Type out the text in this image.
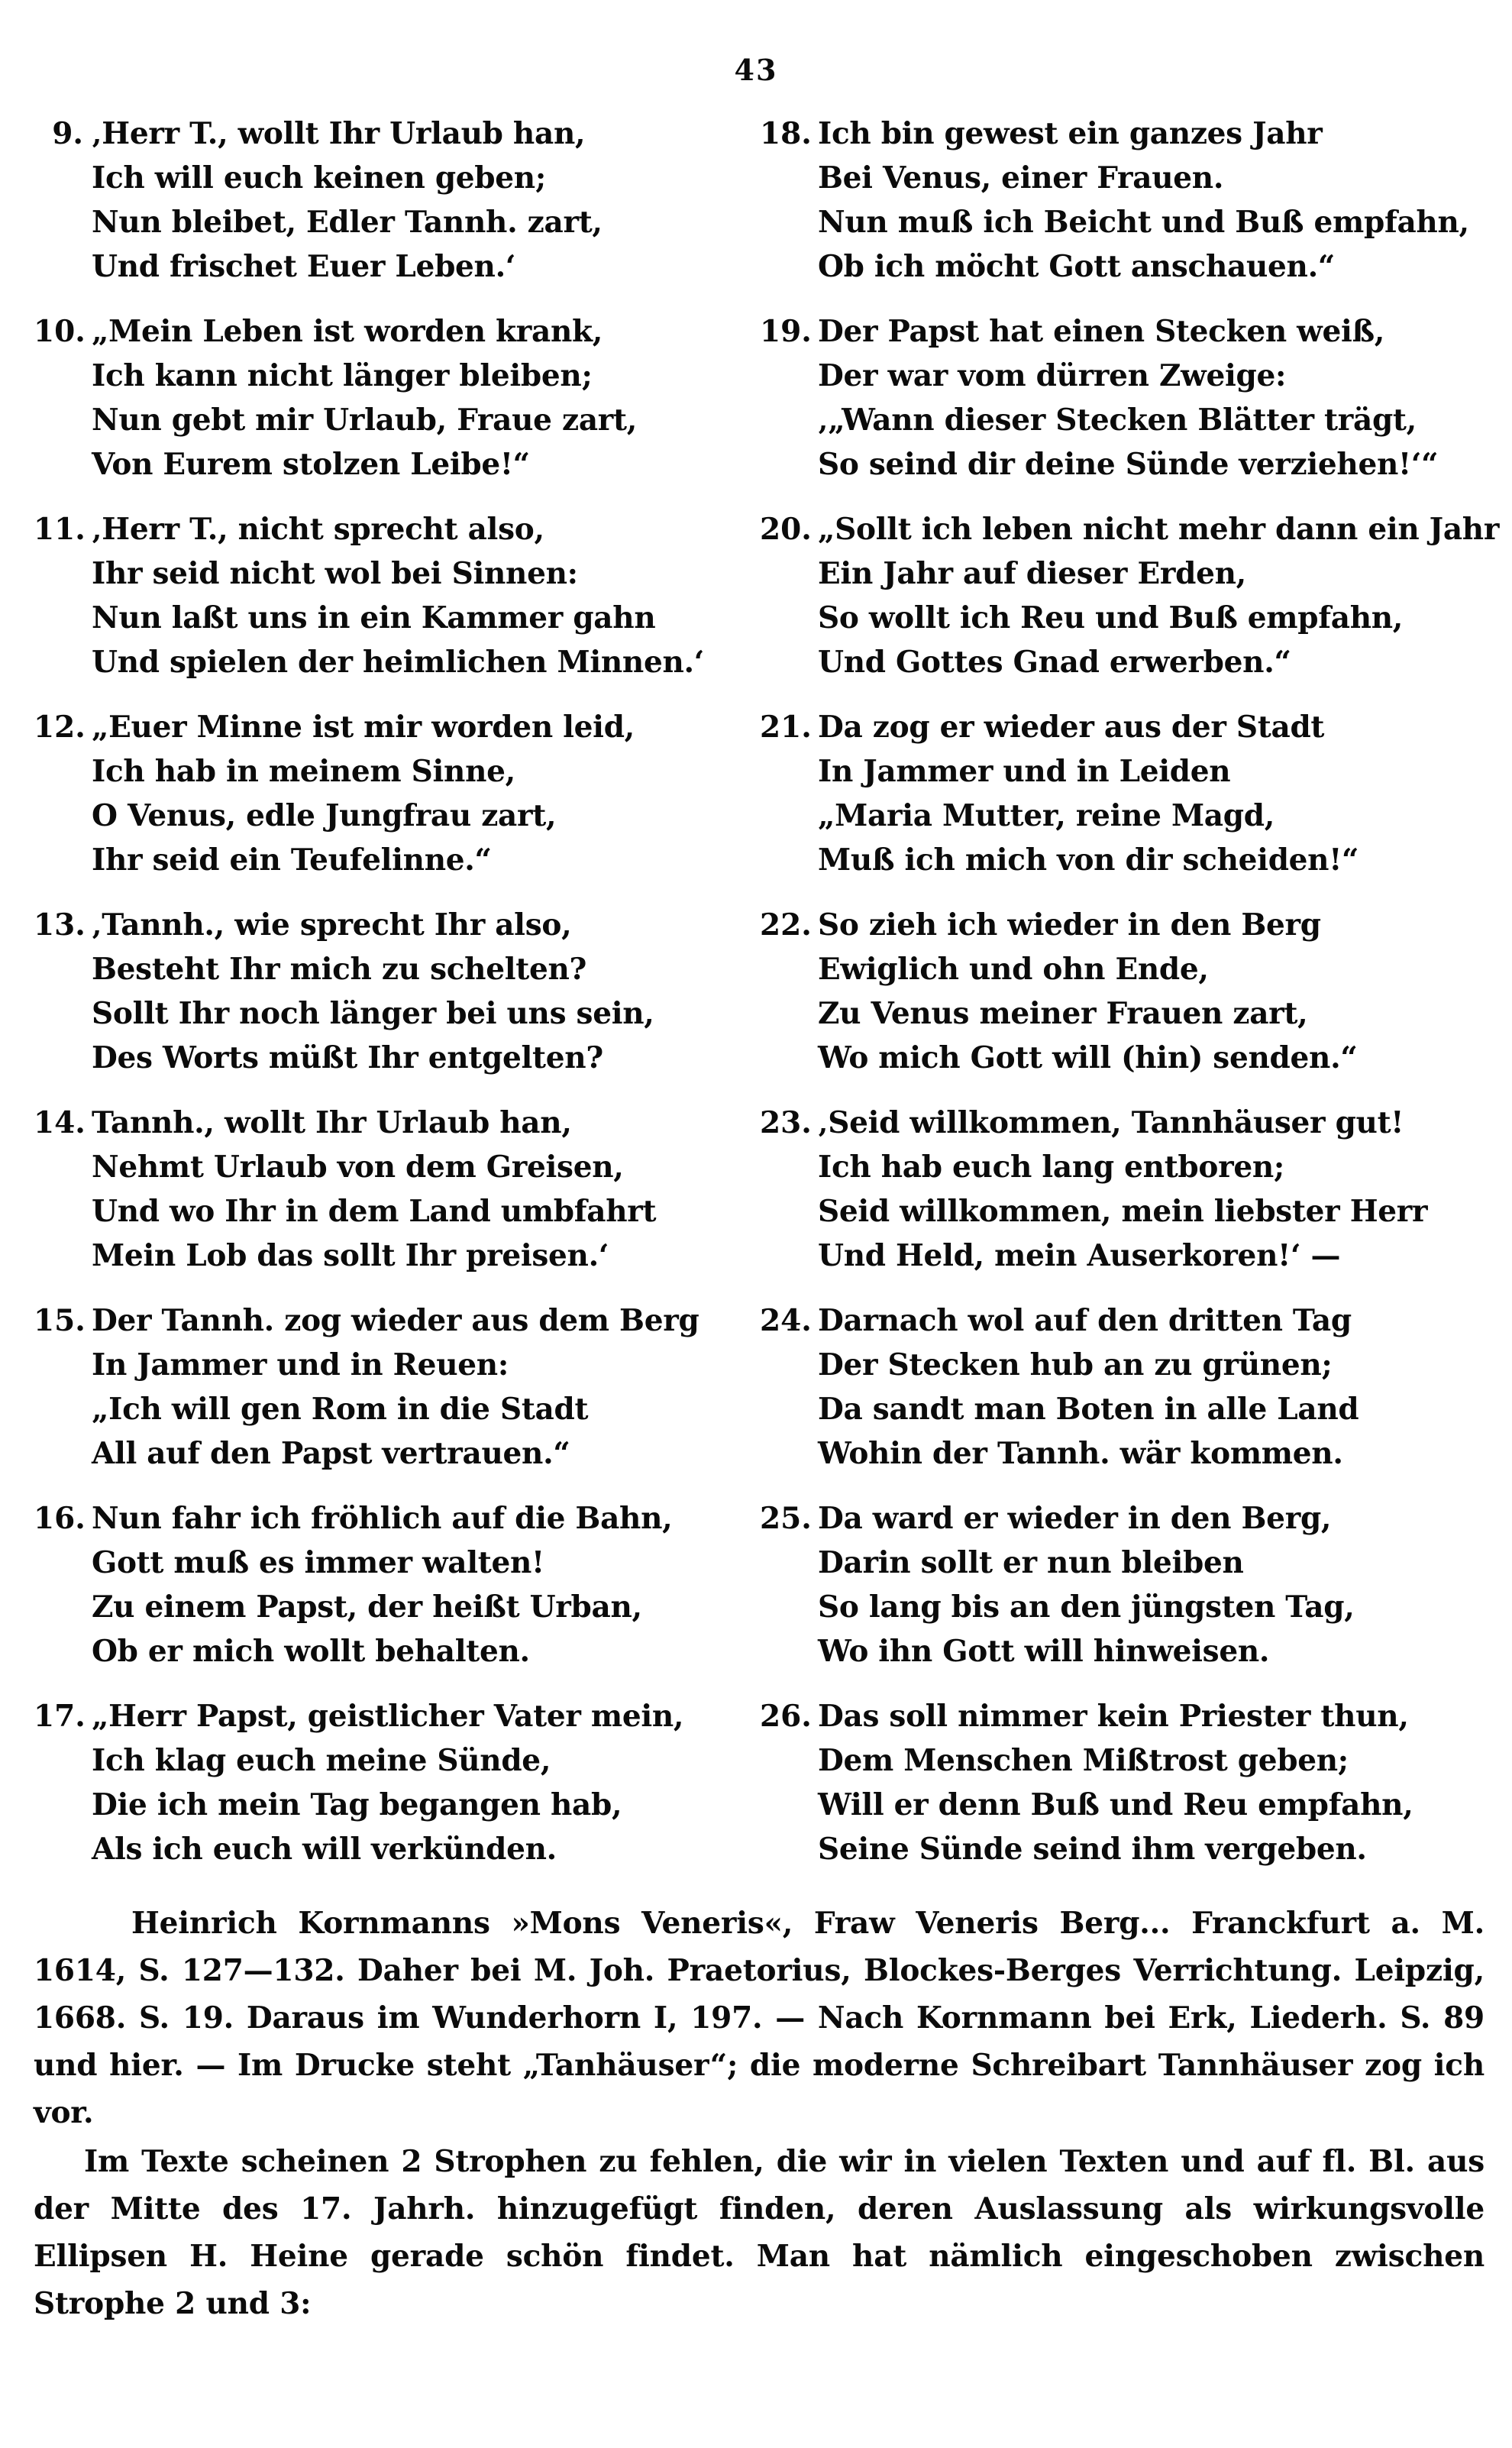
43
9. ‚Herr T., wollt Ihr Urlaub han,
Ich will euch keinen geben;
Nun bleibet, Edler Tannh. zart,
Und frischet Euer Leben.‘
10. „Mein Leben ist worden krank,
Ich kann nicht länger bleiben;
Nun gebt mir Urlaub, Fraue zart,
Von Eurem stolzen Leibe!“
11. ‚Herr T., nicht sprecht also,
Ihr seid nicht wol bei Sinnen:
Nun laßt uns in ein Kammer gahn
Und spielen der heimlichen Minnen.‘
12. „Euer Minne ist mir worden leid,
Ich hab in meinem Sinne,
O Venus, edle Jungfrau zart,
Ihr seid ein Teufelinne.“
13. ‚Tannh., wie sprecht Ihr also,
Besteht Ihr mich zu schelten?
Sollt Ihr noch länger bei uns sein,
Des Worts müßt Ihr entgelten?
14. Tannh., wollt Ihr Urlaub han,
Nehmt Urlaub von dem Greisen,
Und wo Ihr in dem Land umbfahrt
Mein Lob das sollt Ihr preisen.‘
15. Der Tannh. zog wieder aus dem Berg
In Jammer und in Reuen:
„Ich will gen Rom in die Stadt
All auf den Papst vertrauen.“
16. Nun fahr ich fröhlich auf die Bahn,
Gott muß es immer walten!
Zu einem Papst, der heißt Urban,
Ob er mich wollt behalten.
17. „Herr Papst, geistlicher Vater mein,
Ich klag euch meine Sünde,
Die ich mein Tag begangen hab,
Als ich euch will verkünden.
18. Ich bin gewest ein ganzes Jahr
Bei Venus, einer Frauen.
Nun muß ich Beicht und Buß empfahn,
Ob ich möcht Gott anschauen.“
19. Der Papst hat einen Stecken weiß,
Der war vom dürren Zweige:
‚„Wann dieser Stecken Blätter trägt,
So seind dir deine Sünde verziehen!‘“
20. „Sollt ich leben nicht mehr dann ein Jahr
Ein Jahr auf dieser Erden,
So wollt ich Reu und Buß empfahn,
Und Gottes Gnad erwerben.“
21. Da zog er wieder aus der Stadt
In Jammer und in Leiden
„Maria Mutter, reine Magd,
Muß ich mich von dir scheiden!“
22. So zieh ich wieder in den Berg
Ewiglich und ohn Ende,
Zu Venus meiner Frauen zart,
Wo mich Gott will (hin) senden.“
23. ‚Seid willkommen, Tannhäuser gut!
Ich hab euch lang entboren;
Seid willkommen, mein liebster Herr
Und Held, mein Auserkoren!‘ —
24. Darnach wol auf den dritten Tag
Der Stecken hub an zu grünen;
Da sandt man Boten in alle Land
Wohin der Tannh. wär kommen.
25. Da ward er wieder in den Berg,
Darin sollt er nun bleiben
So lang bis an den jüngsten Tag,
Wo ihn Gott will hinweisen.
26. Das soll nimmer kein Priester thun,
Dem Menschen Mißtrost geben;
Will er denn Buß und Reu empfahn,
Seine Sünde seind ihm vergeben.
Heinrich Kornmanns »Mons Veneris«, Fraw Veneris Berg... Franckfurt a. M. 1614, S. 127—132. Daher bei M. Joh. Praetorius, Blockes-Berges Verrichtung. Leipzig, 1668. S. 19. Daraus im Wunderhorn I, 197. — Nach Kornmann bei Erk, Liederh. S. 89 und hier. — Im Drucke steht „Tanhäuser“; die moderne Schreibart Tannhäuser zog ich vor.
Im Texte scheinen 2 Strophen zu fehlen, die wir in vielen Texten und auf fl. Bl. aus der Mitte des 17. Jahrh. hinzugefügt finden, deren Auslassung als wirkungsvolle Ellipsen H. Heine gerade schön findet. Man hat nämlich eingeschoben zwischen Strophe 2 und 3:
